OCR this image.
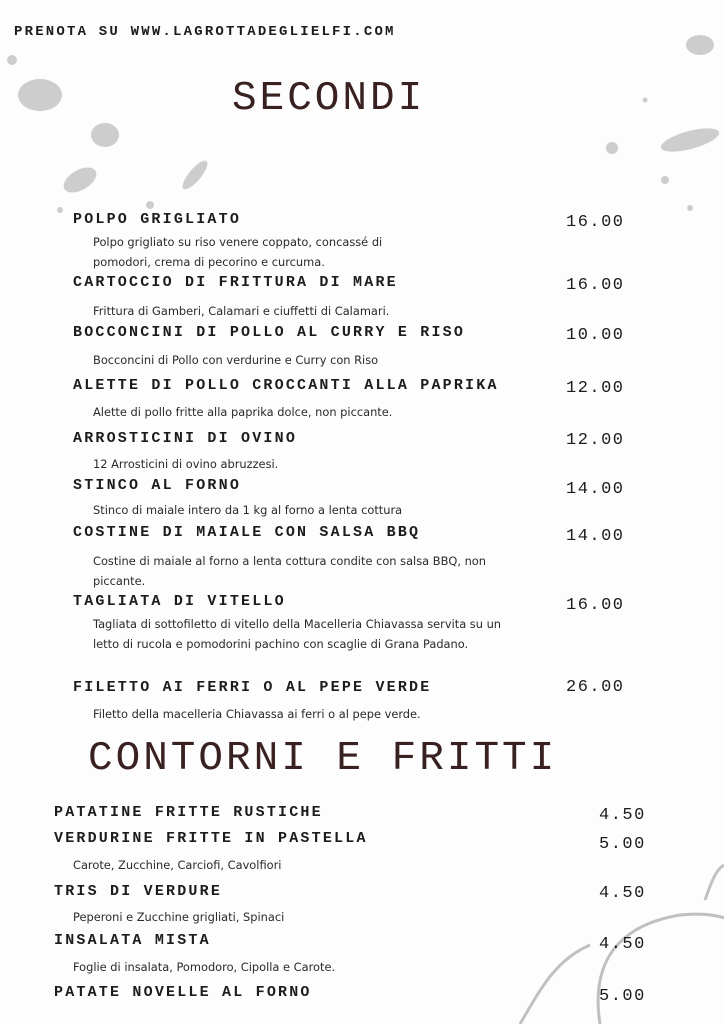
PRENOTA SU WWW.LAGROTTADEGLIELFI.COM
SECONDI
POLPO GRIGLIATO	16.00
Polpo grigliato su riso venere coppato, concassé di pomodori, crema di pecorino e curcuma.
CARTOCCIO DI FRITTURA DI MARE	16.00
Frittura di Gamberi, Calamari e ciuffetti di Calamari.
BOCCONCINI DI POLLO AL CURRY E RISO	10.00
Bocconcini di Pollo con verdurine e Curry con Riso
ALETTE DI POLLO CROCCANTI ALLA PAPRIKA	12.00
Alette di pollo fritte alla paprika dolce, non piccante.
ARROSTICINI DI OVINO	12.00
12 Arrosticini di ovino abruzzesi.
STINCO AL FORNO	14.00
Stinco di maiale intero da 1 kg al forno a lenta cottura
COSTINE DI MAIALE CON SALSA BBQ	14.00
Costine di maiale al forno a lenta cottura condite con salsa BBQ, non piccante.
TAGLIATA DI VITELLO	16.00
Tagliata di sottofiletto di vitello della Macelleria Chiavassa servita su un letto di rucola e pomodorini pachino con scaglie di Grana Padano.
FILETTO AI FERRI O AL PEPE VERDE	26.00
Filetto della macelleria Chiavassa ai ferri o al pepe verde.
CONTORNI E FRITTI
PATATINE FRITTE RUSTICHE	4.50
VERDURINE FRITTE IN PASTELLA	5.00
Carote, Zucchine, Carciofi, Cavolfiori
TRIS DI VERDURE	4.50
Peperoni e Zucchine grigliati, Spinaci
INSALATA MISTA	4.50
Foglie di insalata, Pomodoro, Cipolla e Carote.
PATATE NOVELLE AL FORNO	5.00
